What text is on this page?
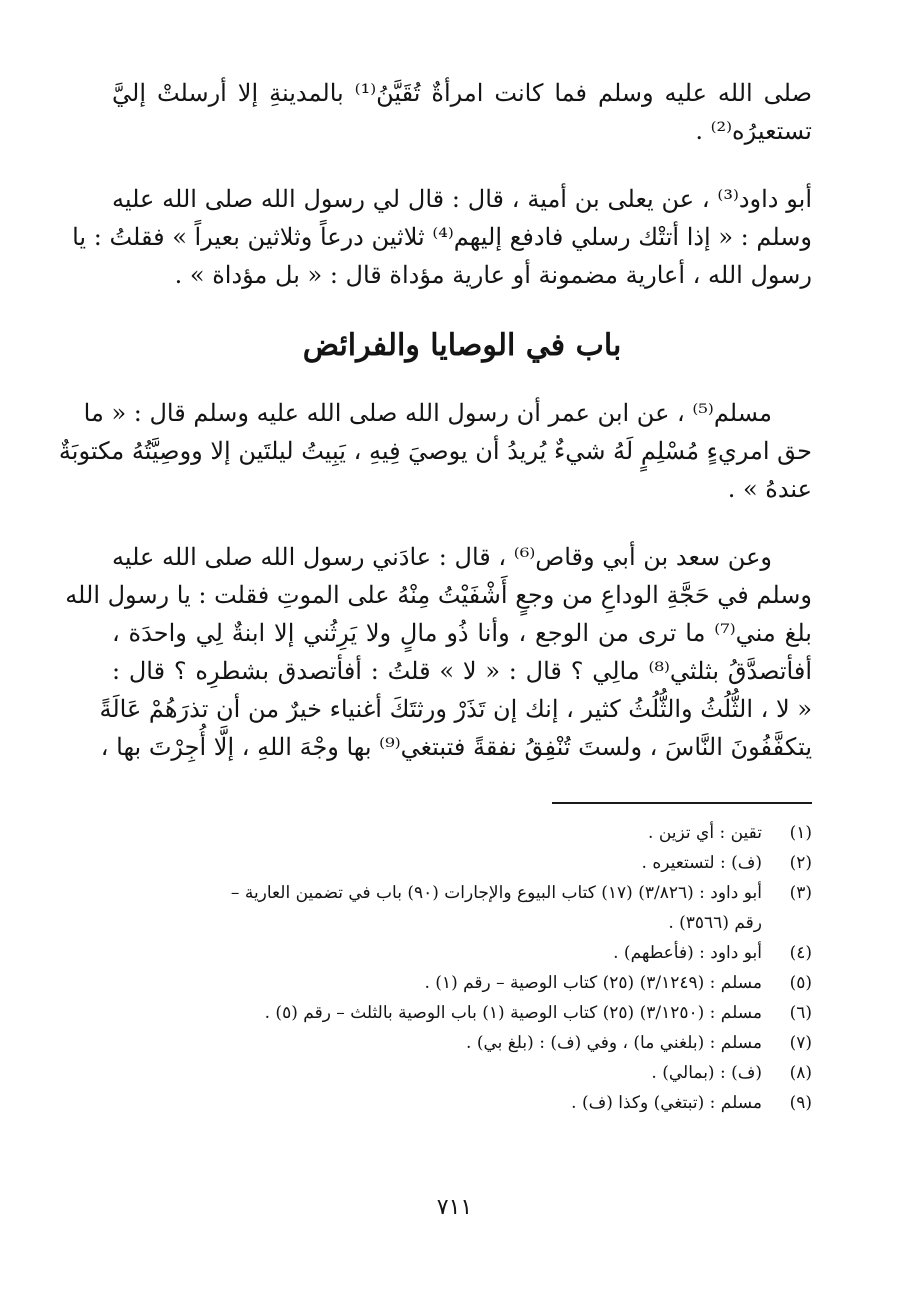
صلى الله عليه وسلم فما كانت امرأةٌ تُقَيَّنُ⁽¹⁾ بالمدينةِ إلا أرسلتْ إليَّ
تستعيرُه⁽²⁾ .
أبو داود⁽³⁾ ، عن يعلى بن أمية ، قال : قال لي رسول الله صلى الله عليه
وسلم : « إذا أتتْك رسلي فادفع إليهم⁽⁴⁾ ثلاثين درعاً وثلاثين بعيراً » فقلتُ : يا
رسول الله ، أعارية مضمونة أو عارية مؤداة قال : « بل مؤداة » .
باب في الوصايا والفرائض
مسلم⁽⁵⁾ ، عن ابن عمر أن رسول الله صلى الله عليه وسلم قال : « ما
حق امريءٍ مُسْلِمٍ لَهُ شيءٌ يُريدُ أن يوصيَ فِيهِ ، يَبِيتُ ليلتَين إلا ووصِيَّتُهُ مكتوبَةٌ
عندهُ » .
وعن سعد بن أبي وقاص⁽⁶⁾ ، قال : عادَني رسول الله صلى الله عليه
وسلم في حَجَّةِ الوداعِ من وجعٍ أَشْفَيْتُ مِنْهُ على الموتِ فقلت : يا رسول الله
بلغ مني⁽⁷⁾ ما ترى من الوجع ، وأنا ذُو مالٍ ولا يَرِثُني إلا ابنةٌ لِي واحدَة ،
أفأتصدَّقُ بثلثي⁽⁸⁾ مالِي ؟ قال : « لا » قلتُ : أفأتصدق بشطرِه ؟ قال :
« لا ، الثُّلُثُ والثُّلُثُ كثير ، إنك إن تَذَرْ ورثتَكَ أغنياء خيرٌ من أن تذرَهُمْ عَالَةً
يتكفَّفُونَ النَّاسَ ، ولستَ تُنْفِقُ نفقةً فتبتغي⁽⁹⁾ بها وجْهَ اللهِ ، إلَّا أُجِرْتَ بها ،
(١)
تقين : أي تزين .
(٢)
(ف) : لتستعيره .
(٣)
أبو داود : (٣/٨٢٦) (١٧) كتاب البيوع والإجارات (٩٠) باب في تضمين العارية –
رقم (٣٥٦٦) .
(٤)
أبو داود : (فأعطهم) .
(٥)
مسلم : (٣/١٢٤٩) (٢٥) كتاب الوصية – رقم (١) .
(٦)
مسلم : (٣/١٢٥٠) (٢٥) كتاب الوصية (١) باب الوصية بالثلث – رقم (٥) .
(٧)
مسلم : (بلغني ما) ، وفي (ف) : (بلغ بي) .
(٨)
(ف) : (بمالي) .
(٩)
مسلم : (تبتغي) وكذا (ف) .
٧١١
